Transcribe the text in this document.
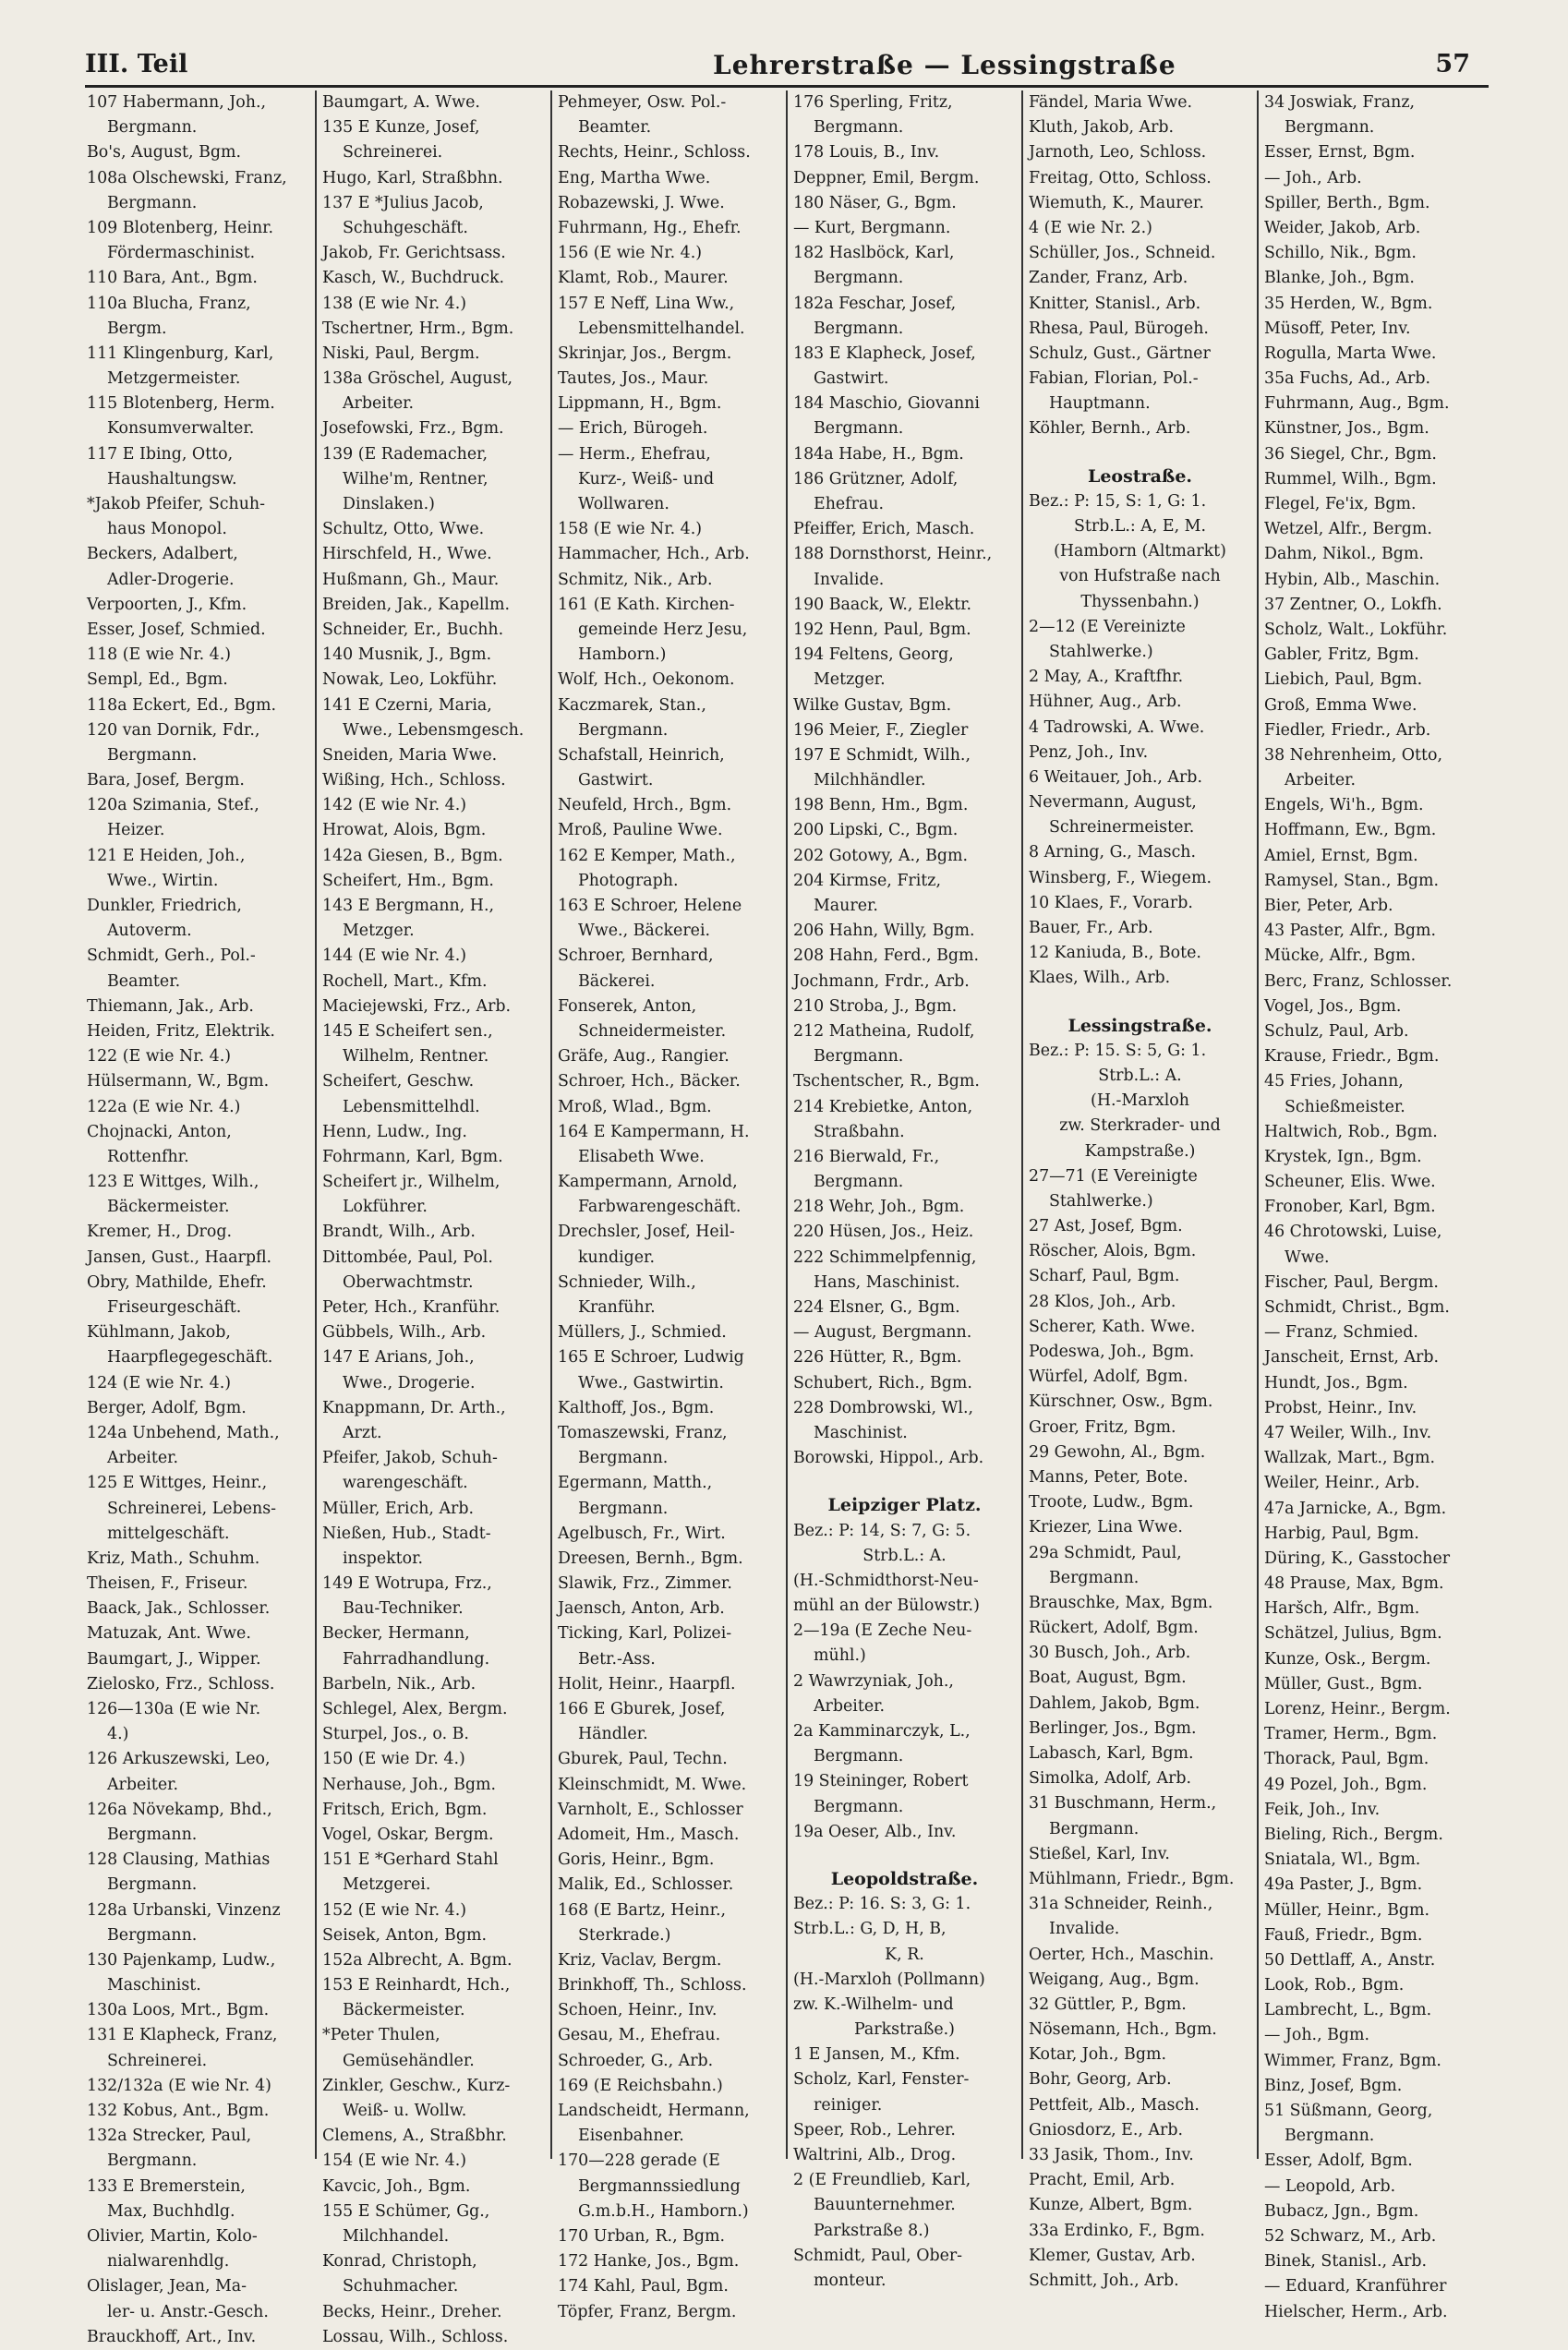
III. Teil	Lehrerstraße — Lessingstraße	57
107 Habermann, Joh.,
Bergmann.
Bo's, August, Bgm.
108a Olschewski, Franz,
Bergmann.
109 Blotenberg, Heinr.
Fördermaschinist.
110 Bara, Ant., Bgm.
110a Blucha, Franz,
Bergm.
111 Klingenburg, Karl,
Metzgermeister.
115 Blotenberg, Herm.
Konsumverwalter.
117 E Ibing, Otto,
Haushaltungsw.
*Jakob Pfeifer, Schuh-
haus Monopol.
Beckers, Adalbert,
Adler-Drogerie.
Verpoorten, J., Kfm.
Esser, Josef, Schmied.
118 (E wie Nr. 4.)
Sempl, Ed., Bgm.
118a Eckert, Ed., Bgm.
120 van Dornik, Fdr.,
Bergmann.
Bara, Josef, Bergm.
120a Szimania, Stef.,
Heizer.
121 E Heiden, Joh.,
Wwe., Wirtin.
Dunkler, Friedrich,
Autoverm.
Schmidt, Gerh., Pol.-
Beamter.
Thiemann, Jak., Arb.
Heiden, Fritz, Elektrik.
122 (E wie Nr. 4.)
Hülsermann, W., Bgm.
122a (E wie Nr. 4.)
Chojnacki, Anton,
Rottenfhr.
123 E Wittges, Wilh.,
Bäckermeister.
Kremer, H., Drog.
Jansen, Gust., Haarpfl.
Obry, Mathilde, Ehefr.
Friseurgeschäft.
Kühlmann, Jakob,
Haarpflegegeschäft.
124 (E wie Nr. 4.)
Berger, Adolf, Bgm.
124a Unbehend, Math.,
Arbeiter.
125 E Wittges, Heinr.,
Schreinerei, Lebens-
mittelgeschäft.
Kriz, Math., Schuhm.
Theisen, F., Friseur.
Baack, Jak., Schlosser.
Matuzak, Ant. Wwe.
Baumgart, J., Wipper.
Zielosko, Frz., Schloss.
126—130a (E wie Nr.
4.)
126 Arkuszewski, Leo,
Arbeiter.
126a Növekamp, Bhd.,
Bergmann.
128 Clausing, Mathias
Bergmann.
128a Urbanski, Vinzenz
Bergmann.
130 Pajenkamp, Ludw.,
Maschinist.
130a Loos, Mrt., Bgm.
131 E Klapheck, Franz,
Schreinerei.
132/132a (E wie Nr. 4)
132 Kobus, Ant., Bgm.
132a Strecker, Paul,
Bergmann.
133 E Bremerstein,
Max, Buchhdlg.
Olivier, Martin, Kolo-
nialwarenhdlg.
Olislager, Jean, Ma-
ler- u. Anstr.-Gesch.
Brauckhoff, Art., Inv.
Baumgart, A. Wwe.
135 E Kunze, Josef,
Schreinerei.
Hugo, Karl, Straßbhn.
137 E *Julius Jacob,
Schuhgeschäft.
Jakob, Fr. Gerichtsass.
Kasch, W., Buchdruck.
138 (E wie Nr. 4.)
Tschertner, Hrm., Bgm.
Niski, Paul, Bergm.
138a Gröschel, August,
Arbeiter.
Josefowski, Frz., Bgm.
139 (E Rademacher,
Wilhe'm, Rentner,
Dinslaken.)
Schultz, Otto, Wwe.
Hirschfeld, H., Wwe.
Hußmann, Gh., Maur.
Breiden, Jak., Kapellm.
Schneider, Er., Buchh.
140 Musnik, J., Bgm.
Nowak, Leo, Lokführ.
141 E Czerni, Maria,
Wwe., Lebensmgesch.
Sneiden, Maria Wwe.
Wißing, Hch., Schloss.
142 (E wie Nr. 4.)
Hrowat, Alois, Bgm.
142a Giesen, B., Bgm.
Scheifert, Hm., Bgm.
143 E Bergmann, H.,
Metzger.
144 (E wie Nr. 4.)
Rochell, Mart., Kfm.
Maciejewski, Frz., Arb.
145 E Scheifert sen.,
Wilhelm, Rentner.
Scheifert, Geschw.
Lebensmittelhdl.
Henn, Ludw., Ing.
Fohrmann, Karl, Bgm.
Scheifert jr., Wilhelm,
Lokführer.
Brandt, Wilh., Arb.
Dittombée, Paul, Pol.
Oberwachtmstr.
Peter, Hch., Kranführ.
Gübbels, Wilh., Arb.
147 E Arians, Joh.,
Wwe., Drogerie.
Knappmann, Dr. Arth.,
Arzt.
Pfeifer, Jakob, Schuh-
warengeschäft.
Müller, Erich, Arb.
Nießen, Hub., Stadt-
inspektor.
149 E Wotrupa, Frz.,
Bau-Techniker.
Becker, Hermann,
Fahrradhandlung.
Barbeln, Nik., Arb.
Schlegel, Alex, Bergm.
Sturpel, Jos., o. B.
150 (E wie Dr. 4.)
Nerhause, Joh., Bgm.
Fritsch, Erich, Bgm.
Vogel, Oskar, Bergm.
151 E *Gerhard Stahl
Metzgerei.
152 (E wie Nr. 4.)
Seisek, Anton, Bgm.
152a Albrecht, A. Bgm.
153 E Reinhardt, Hch.,
Bäckermeister.
*Peter Thulen,
Gemüsehändler.
Zinkler, Geschw., Kurz-
Weiß- u. Wollw.
Clemens, A., Straßbhr.
154 (E wie Nr. 4.)
Kavcic, Joh., Bgm.
155 E Schümer, Gg.,
Milchhandel.
Konrad, Christoph,
Schuhmacher.
Becks, Heinr., Dreher.
Lossau, Wilh., Schloss.
Pehmeyer, Osw. Pol.-
Beamter.
Rechts, Heinr., Schloss.
Eng, Martha Wwe.
Robazewski, J. Wwe.
Fuhrmann, Hg., Ehefr.
156 (E wie Nr. 4.)
Klamt, Rob., Maurer.
157 E Neff, Lina Ww.,
Lebensmittelhandel.
Skrinjar, Jos., Bergm.
Tautes, Jos., Maur.
Lippmann, H., Bgm.
— Erich, Bürogeh.
— Herm., Ehefrau,
Kurz-, Weiß- und
Wollwaren.
158 (E wie Nr. 4.)
Hammacher, Hch., Arb.
Schmitz, Nik., Arb.
161 (E Kath. Kirchen-
gemeinde Herz Jesu,
Hamborn.)
Wolf, Hch., Oekonom.
Kaczmarek, Stan.,
Bergmann.
Schafstall, Heinrich,
Gastwirt.
Neufeld, Hrch., Bgm.
Mroß, Pauline Wwe.
162 E Kemper, Math.,
Photograph.
163 E Schroer, Helene
Wwe., Bäckerei.
Schroer, Bernhard,
Bäckerei.
Fonserek, Anton,
Schneidermeister.
Gräfe, Aug., Rangier.
Schroer, Hch., Bäcker.
Mroß, Wlad., Bgm.
164 E Kampermann, H.
Elisabeth Wwe.
Kampermann, Arnold,
Farbwarengeschäft.
Drechsler, Josef, Heil-
kundiger.
Schnieder, Wilh.,
Kranführ.
Müllers, J., Schmied.
165 E Schroer, Ludwig
Wwe., Gastwirtin.
Kalthoff, Jos., Bgm.
Tomaszewski, Franz,
Bergmann.
Egermann, Matth.,
Bergmann.
Agelbusch, Fr., Wirt.
Dreesen, Bernh., Bgm.
Slawik, Frz., Zimmer.
Jaensch, Anton, Arb.
Ticking, Karl, Polizei-
Betr.-Ass.
Holit, Heinr., Haarpfl.
166 E Gburek, Josef,
Händler.
Gburek, Paul, Techn.
Kleinschmidt, M. Wwe.
Varnholt, E., Schlosser
Adomeit, Hm., Masch.
Goris, Heinr., Bgm.
Malik, Ed., Schlosser.
168 (E Bartz, Heinr.,
Sterkrade.)
Kriz, Vaclav, Bergm.
Brinkhoff, Th., Schloss.
Schoen, Heinr., Inv.
Gesau, M., Ehefrau.
Schroeder, G., Arb.
169 (E Reichsbahn.)
Landscheidt, Hermann,
Eisenbahner.
170—228 gerade (E
Bergmannssiedlung
G.m.b.H., Hamborn.)
170 Urban, R., Bgm.
172 Hanke, Jos., Bgm.
174 Kahl, Paul, Bgm.
Töpfer, Franz, Bergm.
176 Sperling, Fritz,
Bergmann.
178 Louis, B., Inv.
Deppner, Emil, Bergm.
180 Näser, G., Bgm.
— Kurt, Bergmann.
182 Haslböck, Karl,
Bergmann.
182a Feschar, Josef,
Bergmann.
183 E Klapheck, Josef,
Gastwirt.
184 Maschio, Giovanni
Bergmann.
184a Habe, H., Bgm.
186 Grützner, Adolf,
Ehefrau.
Pfeiffer, Erich, Masch.
188 Dornsthorst, Heinr.,
Invalide.
190 Baack, W., Elektr.
192 Henn, Paul, Bgm.
194 Feltens, Georg,
Metzger.
Wilke Gustav, Bgm.
196 Meier, F., Ziegler
197 E Schmidt, Wilh.,
Milchhändler.
198 Benn, Hm., Bgm.
200 Lipski, C., Bgm.
202 Gotowy, A., Bgm.
204 Kirmse, Fritz,
Maurer.
206 Hahn, Willy, Bgm.
208 Hahn, Ferd., Bgm.
Jochmann, Frdr., Arb.
210 Stroba, J., Bgm.
212 Matheina, Rudolf,
Bergmann.
Tschentscher, R., Bgm.
214 Krebietke, Anton,
Straßbahn.
216 Bierwald, Fr.,
Bergmann.
218 Wehr, Joh., Bgm.
220 Hüsen, Jos., Heiz.
222 Schimmelpfennig,
Hans, Maschinist.
224 Elsner, G., Bgm.
— August, Bergmann.
226 Hütter, R., Bgm.
Schubert, Rich., Bgm.
228 Dombrowski, Wl.,
Maschinist.
Borowski, Hippol., Arb.
Leipziger Platz.
Bez.: P: 14, S: 7, G: 5.
Strb.L.: A.
(H.-Schmidthorst-Neu-
mühl an der Bülowstr.)
2—19a (E Zeche Neu-
mühl.)
2 Wawrzyniak, Joh.,
Arbeiter.
2a Kamminarczyk, L.,
Bergmann.
19 Steininger, Robert
Bergmann.
19a Oeser, Alb., Inv.
Leopoldstraße.
Bez.: P: 16. S: 3, G: 1.
Strb.L.: G, D, H, B,
K, R.
(H.-Marxloh (Pollmann)
zw. K.-Wilhelm- und
Parkstraße.)
1 E Jansen, M., Kfm.
Scholz, Karl, Fenster-
reiniger.
Speer, Rob., Lehrer.
Waltrini, Alb., Drog.
2 (E Freundlieb, Karl,
Bauunternehmer.
Parkstraße 8.)
Schmidt, Paul, Ober-
monteur.
Fändel, Maria Wwe.
Kluth, Jakob, Arb.
Jarnoth, Leo, Schloss.
Freitag, Otto, Schloss.
Wiemuth, K., Maurer.
4 (E wie Nr. 2.)
Schüller, Jos., Schneid.
Zander, Franz, Arb.
Knitter, Stanisl., Arb.
Rhesa, Paul, Bürogeh.
Schulz, Gust., Gärtner
Fabian, Florian, Pol.-
Hauptmann.
Köhler, Bernh., Arb.
Leostraße.
Bez.: P: 15, S: 1, G: 1.
Strb.L.: A, E, M.
(Hamborn (Altmarkt)
von Hufstraße nach
Thyssenbahn.)
2—12 (E Vereinizte
Stahlwerke.)
2 May, A., Kraftfhr.
Hühner, Aug., Arb.
4 Tadrowski, A. Wwe.
Penz, Joh., Inv.
6 Weitauer, Joh., Arb.
Nevermann, August,
Schreinermeister.
8 Arning, G., Masch.
Winsberg, F., Wiegem.
10 Klaes, F., Vorarb.
Bauer, Fr., Arb.
12 Kaniuda, B., Bote.
Klaes, Wilh., Arb.
Lessingstraße.
Bez.: P: 15. S: 5, G: 1.
Strb.L.: A.
(H.-Marxloh
zw. Sterkrader- und
Kampstraße.)
27—71 (E Vereinigte
Stahlwerke.)
27 Ast, Josef, Bgm.
Röscher, Alois, Bgm.
Scharf, Paul, Bgm.
28 Klos, Joh., Arb.
Scherer, Kath. Wwe.
Podeswa, Joh., Bgm.
Würfel, Adolf, Bgm.
Kürschner, Osw., Bgm.
Groer, Fritz, Bgm.
29 Gewohn, Al., Bgm.
Manns, Peter, Bote.
Troote, Ludw., Bgm.
Kriezer, Lina Wwe.
29a Schmidt, Paul,
Bergmann.
Brauschke, Max, Bgm.
Rückert, Adolf, Bgm.
30 Busch, Joh., Arb.
Boat, August, Bgm.
Dahlem, Jakob, Bgm.
Berlinger, Jos., Bgm.
Labasch, Karl, Bgm.
Simolka, Adolf, Arb.
31 Buschmann, Herm.,
Bergmann.
Stießel, Karl, Inv.
Mühlmann, Friedr., Bgm.
31a Schneider, Reinh.,
Invalide.
Oerter, Hch., Maschin.
Weigang, Aug., Bgm.
32 Güttler, P., Bgm.
Nösemann, Hch., Bgm.
Kotar, Joh., Bgm.
Bohr, Georg, Arb.
Pettfeit, Alb., Masch.
Gniosdorz, E., Arb.
33 Jasik, Thom., Inv.
Pracht, Emil, Arb.
Kunze, Albert, Bgm.
33a Erdinko, F., Bgm.
Klemer, Gustav, Arb.
Schmitt, Joh., Arb.
34 Joswiak, Franz,
Bergmann.
Esser, Ernst, Bgm.
— Joh., Arb.
Spiller, Berth., Bgm.
Weider, Jakob, Arb.
Schillo, Nik., Bgm.
Blanke, Joh., Bgm.
35 Herden, W., Bgm.
Müsoff, Peter, Inv.
Rogulla, Marta Wwe.
35a Fuchs, Ad., Arb.
Fuhrmann, Aug., Bgm.
Künstner, Jos., Bgm.
36 Siegel, Chr., Bgm.
Rummel, Wilh., Bgm.
Flegel, Fe'ix, Bgm.
Wetzel, Alfr., Bergm.
Dahm, Nikol., Bgm.
Hybin, Alb., Maschin.
37 Zentner, O., Lokfh.
Scholz, Walt., Lokführ.
Gabler, Fritz, Bgm.
Liebich, Paul, Bgm.
Groß, Emma Wwe.
Fiedler, Friedr., Arb.
38 Nehrenheim, Otto,
Arbeiter.
Engels, Wi'h., Bgm.
Hoffmann, Ew., Bgm.
Amiel, Ernst, Bgm.
Ramysel, Stan., Bgm.
Bier, Peter, Arb.
43 Paster, Alfr., Bgm.
Mücke, Alfr., Bgm.
Berc, Franz, Schlosser.
Vogel, Jos., Bgm.
Schulz, Paul, Arb.
Krause, Friedr., Bgm.
45 Fries, Johann,
Schießmeister.
Haltwich, Rob., Bgm.
Krystek, Ign., Bgm.
Scheuner, Elis. Wwe.
Fronober, Karl, Bgm.
46 Chrotowski, Luise,
Wwe.
Fischer, Paul, Bergm.
Schmidt, Christ., Bgm.
— Franz, Schmied.
Janscheit, Ernst, Arb.
Hundt, Jos., Bgm.
Probst, Heinr., Inv.
47 Weiler, Wilh., Inv.
Wallzak, Mart., Bgm.
Weiler, Heinr., Arb.
47a Jarnicke, A., Bgm.
Harbig, Paul, Bgm.
Düring, K., Gasstocher
48 Prause, Max, Bgm.
Haršch, Alfr., Bgm.
Schätzel, Julius, Bgm.
Kunze, Osk., Bergm.
Müller, Gust., Bgm.
Lorenz, Heinr., Bergm.
Tramer, Herm., Bgm.
Thorack, Paul, Bgm.
49 Pozel, Joh., Bgm.
Feik, Joh., Inv.
Bieling, Rich., Bergm.
Sniatala, Wl., Bgm.
49a Paster, J., Bgm.
Müller, Heinr., Bgm.
Fauß, Friedr., Bgm.
50 Dettlaff, A., Anstr.
Look, Rob., Bgm.
Lambrecht, L., Bgm.
— Joh., Bgm.
Wimmer, Franz, Bgm.
Binz, Josef, Bgm.
51 Süßmann, Georg,
Bergmann.
Esser, Adolf, Bgm.
— Leopold, Arb.
Bubacz, Jgn., Bgm.
52 Schwarz, M., Arb.
Binek, Stanisl., Arb.
— Eduard, Kranführer
Hielscher, Herm., Arb.
